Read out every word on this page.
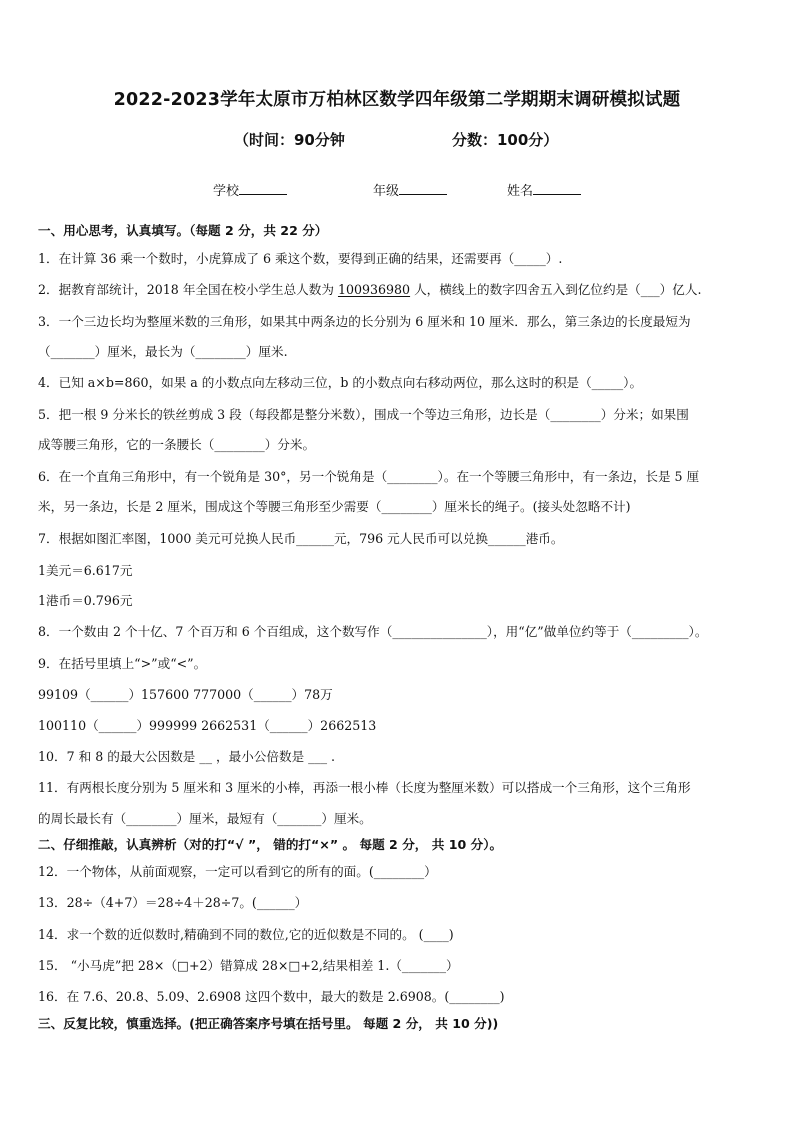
2022-2023学年太原市万柏林区数学四年级第二学期期末调研模拟试题
（时间：90分钟	分数：100分）
学校	年级	姓名
一、用心思考，认真填写。（每题 2 分，共 22 分）
1．在计算 36 乘一个数时，小虎算成了 6 乘这个数，要得到正确的结果，还需要再（_____）.
2．据教育部统计，2018 年全国在校小学生总人数为 100936980 人，横线上的数字四舍五入到亿位约是（___）亿人.
3．一个三边长均为整厘米数的三角形，如果其中两条边的长分别为 6 厘米和 10 厘米．那么，第三条边的长度最短为
（_______）厘米，最长为（________）厘米.
4．已知 a×b=860，如果 a 的小数点向左移动三位，b 的小数点向右移动两位，那么这时的积是（_____）。
5．把一根 9 分米长的铁丝剪成 3 段（每段都是整分米数），围成一个等边三角形，边长是（________）分米；如果围
成等腰三角形，它的一条腰长（________）分米。
6．在一个直角三角形中，有一个锐角是 30°，另一个锐角是（________）。在一个等腰三角形中，有一条边，长是 5 厘
米，另一条边，长是 2 厘米，围成这个等腰三角形至少需要（________）厘米长的绳子。(接头处忽略不计)
7．根据如图汇率图，1000 美元可兑换人民币______元，796 元人民币可以兑换______港币。
1美元＝6.617元
1港币＝0.796元
8．一个数由 2 个十亿、7 个百万和 6 个百组成，这个数写作（_______________），用“亿”做单位约等于（_________）。
9．在括号里填上“>”或“<”。
99109（______）157600 777000（______）78万
100110（______）999999 2662531（______）2662513
10．7 和 8 的最大公因数是 __ ，最小公倍数是 ___ .
11．有两根长度分别为 5 厘米和 3 厘米的小棒，再添一根小棒（长度为整厘米数）可以搭成一个三角形，这个三角形
的周长最长有（________）厘米，最短有（_______）厘米。
二、仔细推敲，认真辨析（对的打“√ ”， 错的打“×” 。 每题 2 分， 共 10 分）。
12．一个物体，从前面观察，一定可以看到它的所有的面。(________）
13．28÷（4+7）＝28÷4＋28÷7。(______）
14．求一个数的近似数时,精确到不同的数位,它的近似数是不同的。 (____)
15． “小马虎”把 28×（□+2）错算成 28×□+2,结果相差 1.（_______）
16．在 7.6、20.8、5.09、2.6908 这四个数中，最大的数是 2.6908。(________)
三、反复比较，慎重选择。(把正确答案序号填在括号里。 每题 2 分， 共 10 分))
